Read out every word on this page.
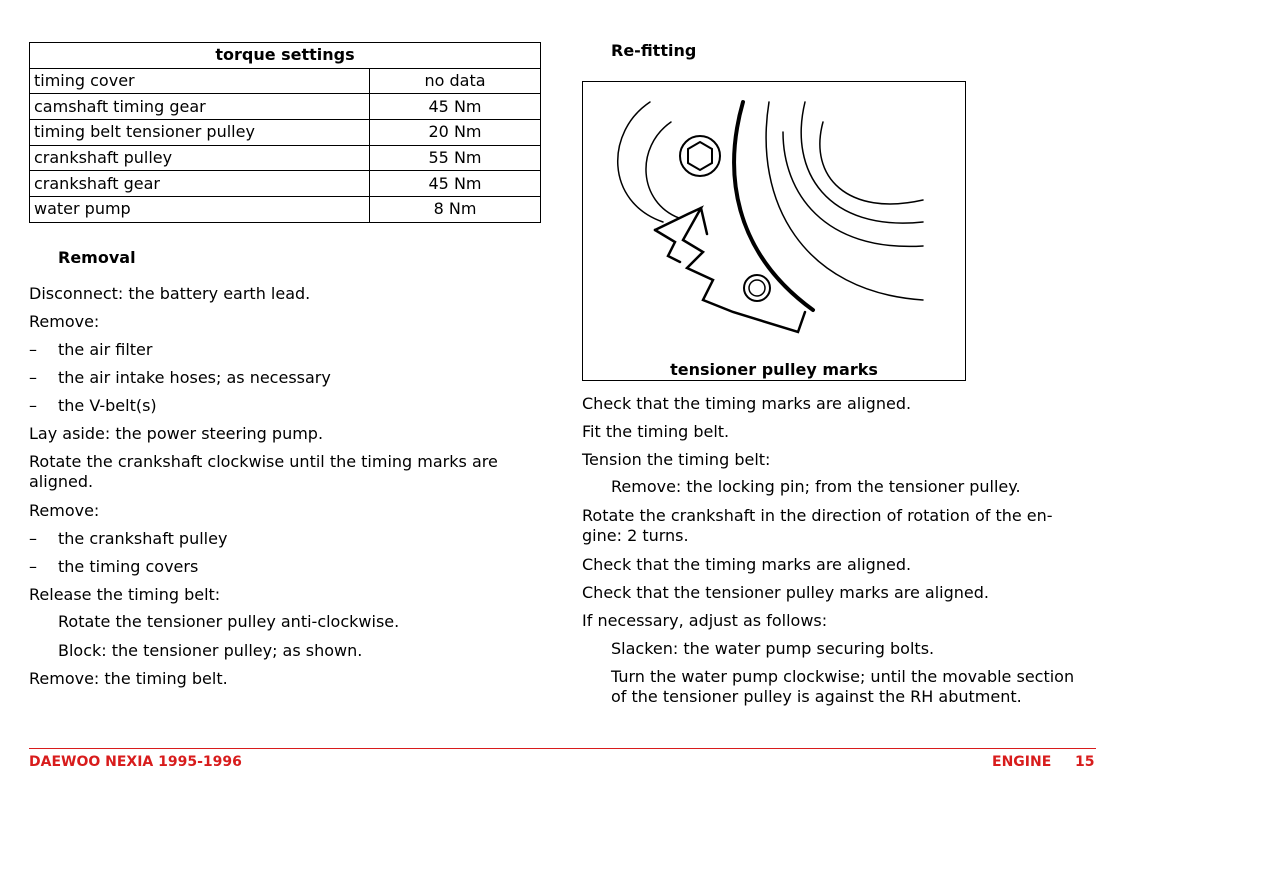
torque settings	
timing cover	no data
camshaft timing gear	45 Nm
timing belt tensioner pulley	20 Nm
crankshaft pulley	55 Nm
crankshaft gear	45 Nm
water pump	8 Nm
Removal
Disconnect: the battery earth lead.
Remove:
– the air filter
– the air intake hoses; as necessary
– the V-belt(s)
Lay aside: the power steering pump.
Rotate the crankshaft clockwise until the timing marks are aligned.
Remove:
– the crankshaft pulley
– the timing covers
Release the timing belt:
Rotate the tensioner pulley anti-clockwise.
Block: the tensioner pulley; as shown.
Remove: the timing belt.
Re-fitting
tensioner pulley marks
Check that the timing marks are aligned.
Fit the timing belt.
Tension the timing belt:
Remove: the locking pin; from the tensioner pulley.
Rotate the crankshaft in the direction of rotation of the en- gine: 2 turns.
Check that the timing marks are aligned.
Check that the tensioner pulley marks are aligned.
If necessary, adjust as follows:
Slacken: the water pump securing bolts.
Turn the water pump clockwise; until the movable section of the tensioner pulley is against the RH abutment.
DAEWOO NEXIA 1995-1996	ENGINE 15
